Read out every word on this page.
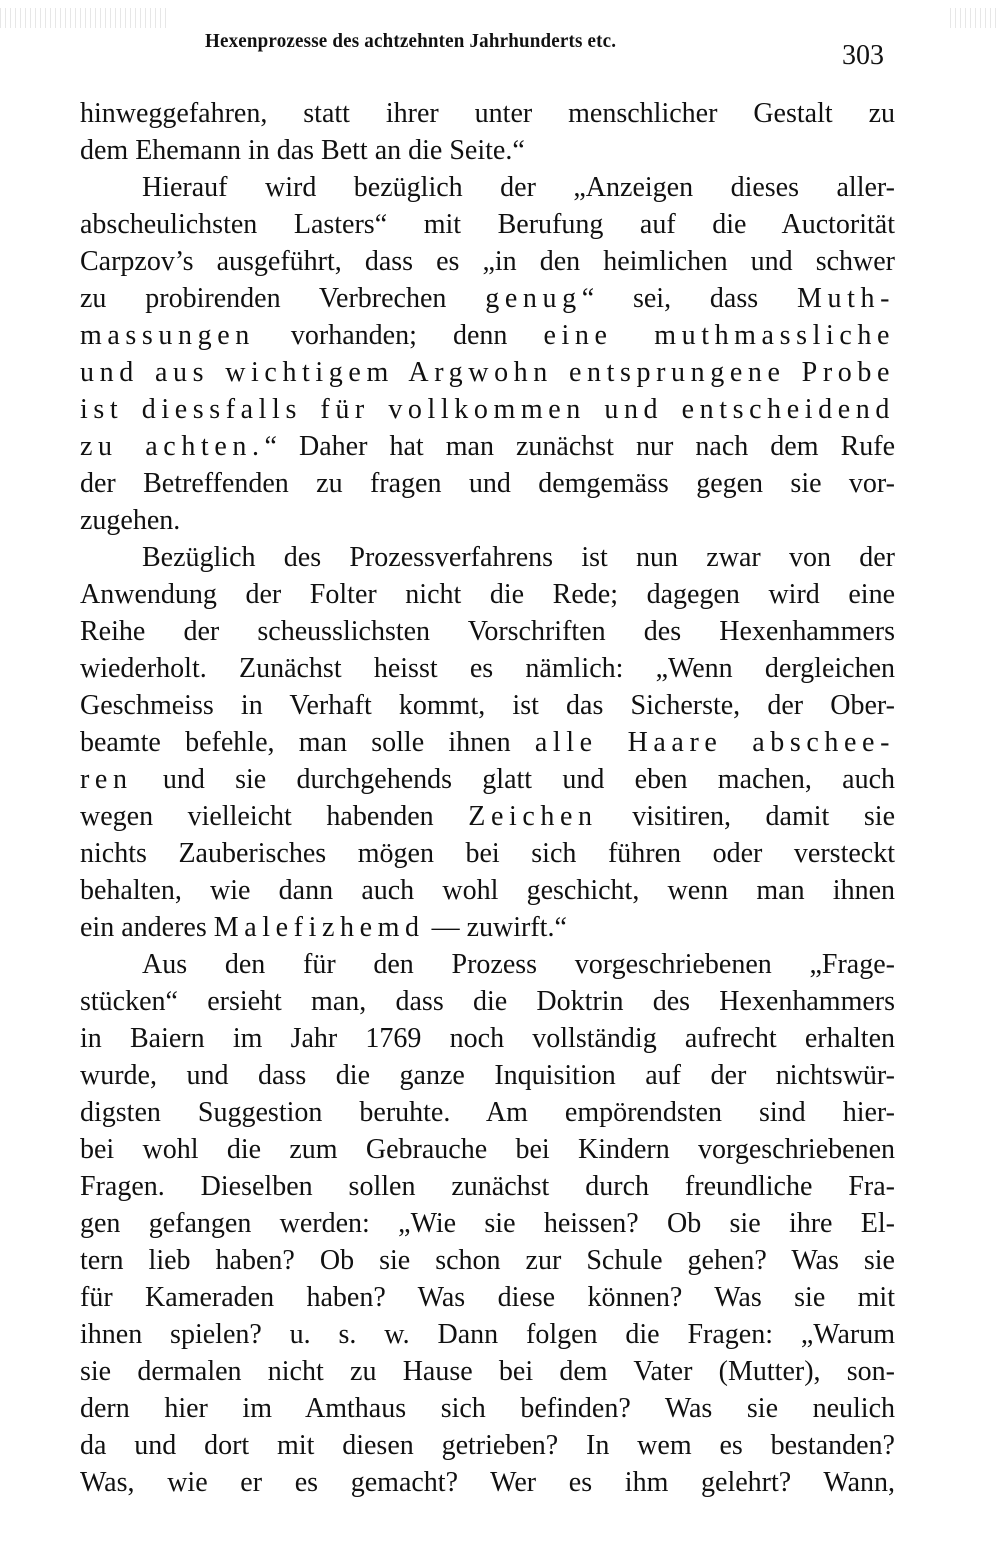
Hexenprozesse des achtzehnten Jahrhunderts etc.	303
hinweggefahren, statt ihrer unter menschlicher Gestalt zu
dem Ehemann in das Bett an die Seite.“
Hierauf wird bezüglich der „Anzeigen dieses aller-
abscheulichsten Lasters“ mit Berufung auf die Auctorität
Carpzov’s ausgeführt, dass es „in den heimlichen und schwer
zu probirenden Verbrechen genug“ sei, dass Muth-
massungen vorhanden; denn eine muthmassliche
und aus wichtigem Argwohn entsprungene Probe
ist diessfalls für vollkommen und entscheidend
zu achten.“ Daher hat man zunächst nur nach dem Rufe
der Betreffenden zu fragen und demgemäss gegen sie vor-
zugehen.
Bezüglich des Prozessverfahrens ist nun zwar von der
Anwendung der Folter nicht die Rede; dagegen wird eine
Reihe der scheusslichsten Vorschriften des Hexenhammers
wiederholt. Zunächst heisst es nämlich: „Wenn dergleichen
Geschmeiss in Verhaft kommt, ist das Sicherste, der Ober-
beamte befehle, man solle ihnen alle Haare abschee-
ren und sie durchgehends glatt und eben machen, auch
wegen vielleicht habenden Zeichen visitiren, damit sie
nichts Zauberisches mögen bei sich führen oder versteckt
behalten, wie dann auch wohl geschicht, wenn man ihnen
ein anderes Malefizhemd — zuwirft.“
Aus den für den Prozess vorgeschriebenen „Frage-
stücken“ ersieht man, dass die Doktrin des Hexenhammers
in Baiern im Jahr 1769 noch vollständig aufrecht erhalten
wurde, und dass die ganze Inquisition auf der nichtswür-
digsten Suggestion beruhte. Am empörendsten sind hier-
bei wohl die zum Gebrauche bei Kindern vorgeschriebenen
Fragen. Dieselben sollen zunächst durch freundliche Fra-
gen gefangen werden: „Wie sie heissen? Ob sie ihre El-
tern lieb haben? Ob sie schon zur Schule gehen? Was sie
für Kameraden haben? Was diese können? Was sie mit
ihnen spielen? u. s. w. Dann folgen die Fragen: „Warum
sie dermalen nicht zu Hause bei dem Vater (Mutter), son-
dern hier im Amthaus sich befinden? Was sie neulich
da und dort mit diesen getrieben? In wem es bestanden?
Was, wie er es gemacht? Wer es ihm gelehrt? Wann,
